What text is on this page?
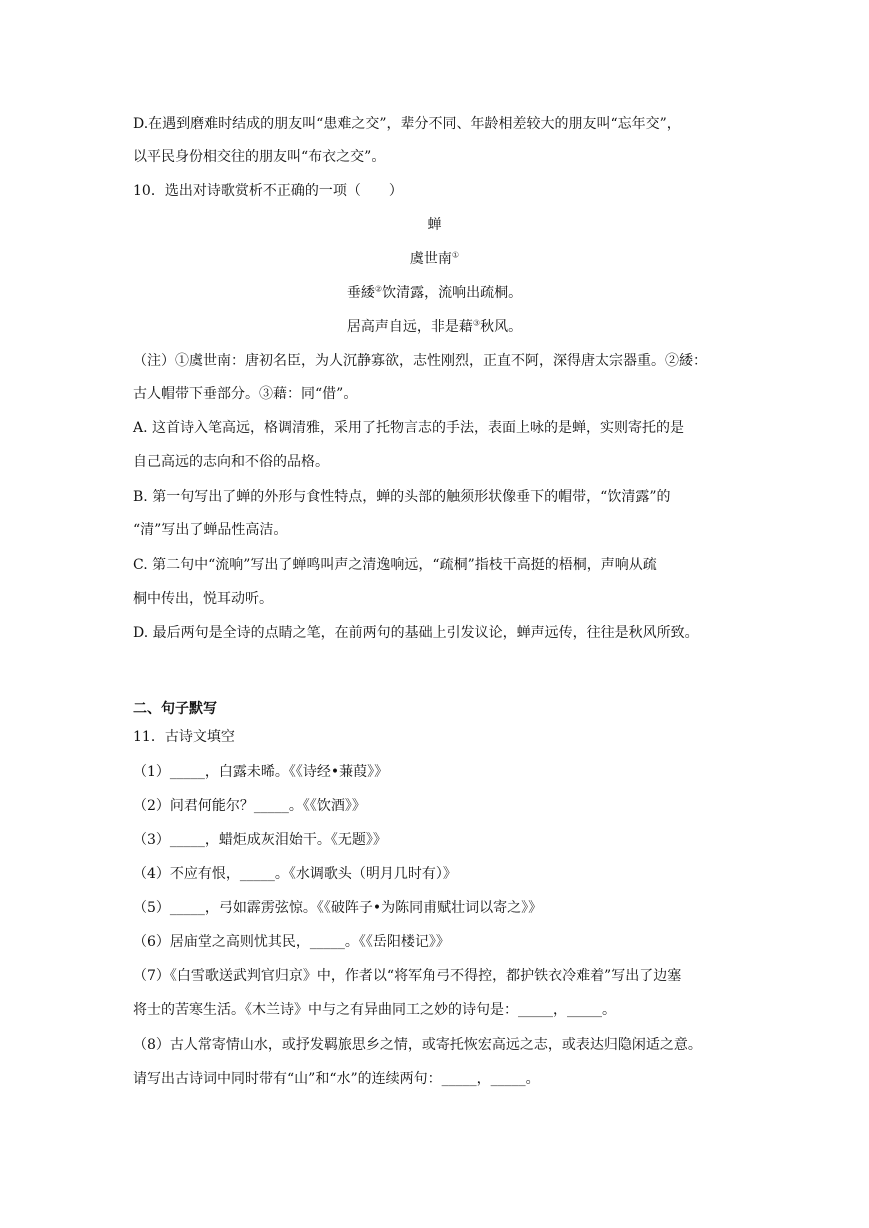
D.在遇到磨难时结成的朋友叫“患难之交”，辈分不同、年龄相差较大的朋友叫“忘年交”，
以平民身份相交往的朋友叫“布衣之交”。
10．选出对诗歌赏析不正确的一项（　　）
蝉
虞世南①
垂緌②饮清露，流响出疏桐。
居高声自远，非是藉③秋风。
（注）①虞世南：唐初名臣，为人沉静寡欲，志性刚烈，正直不阿，深得唐太宗器重。②緌：
古人帽带下垂部分。③藉：同“借”。
A. 这首诗入笔高远，格调清雅，采用了托物言志的手法，表面上咏的是蝉，实则寄托的是
自己高远的志向和不俗的品格。
B. 第一句写出了蝉的外形与食性特点，蝉的头部的触须形状像垂下的帽带，“饮清露”的
“清”写出了蝉品性高洁。
C. 第二句中“流响”写出了蝉鸣叫声之清逸响远，“疏桐”指枝干高挺的梧桐，声响从疏
桐中传出，悦耳动听。
D. 最后两句是全诗的点睛之笔，在前两句的基础上引发议论，蝉声远传，往往是秋风所致。
二、句子默写
11．古诗文填空
（1）_____，白露未晞。《《诗经•蒹葭》》
（2）问君何能尔？_____。《《饮酒》》
（3）_____，蜡炬成灰泪始干。《无题》》
（4）不应有恨，_____。《水调歌头（明月几时有）》
（5）_____，弓如霹雳弦惊。《《破阵子•为陈同甫赋壮词以寄之》》
（6）居庙堂之高则忧其民，_____。《《岳阳楼记》》
（7）《白雪歌送武判官归京》中，作者以“将军角弓不得控，都护铁衣冷难着”写出了边塞
将士的苦寒生活。《木兰诗》中与之有异曲同工之妙的诗句是：_____，_____。
（8）古人常寄情山水，或抒发羁旅思乡之情，或寄托恢宏高远之志，或表达归隐闲适之意。
请写出古诗词中同时带有“山”和“水”的连续两句：_____，_____。
